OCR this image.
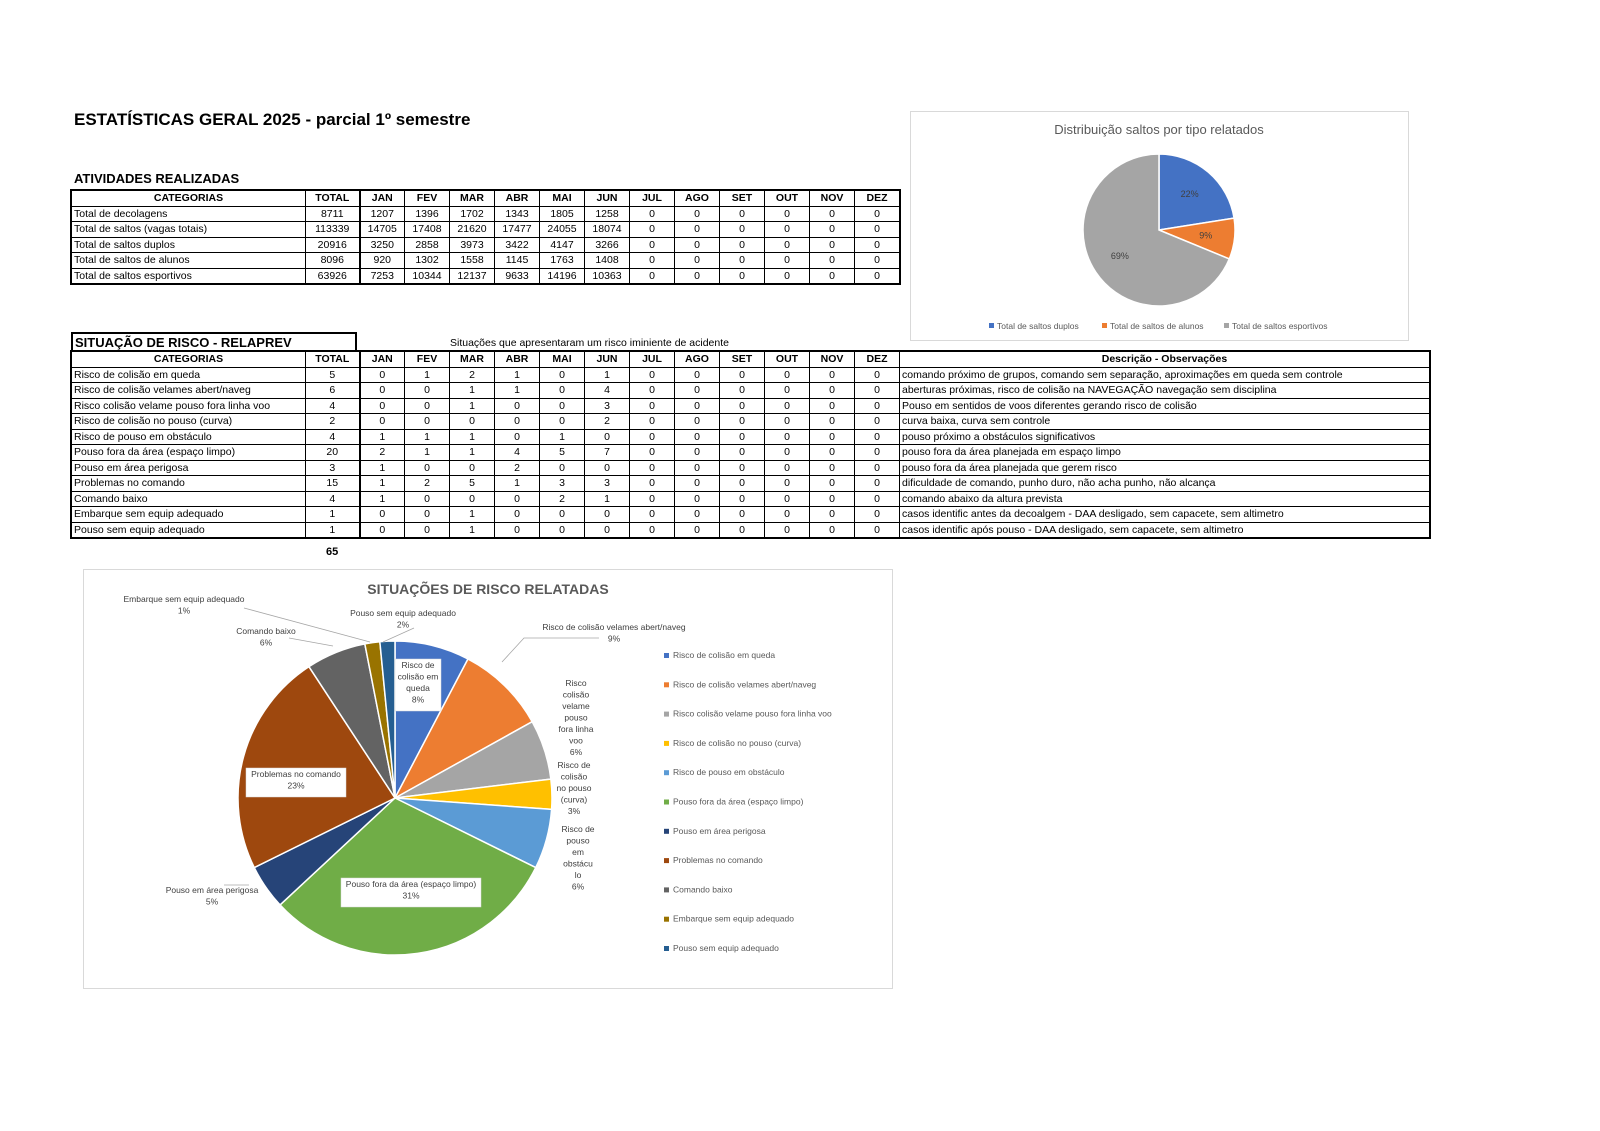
ESTATÍSTICAS GERAL 2025 - parcial 1º semestre
ATIVIDADES REALIZADAS
CATEGORIAS	TOTAL	JAN	FEV	MAR	ABR	MAI	JUN	JUL	AGO	SET	OUT	NOV	DEZ
Total de decolagens	8711	1207	1396	1702	1343	1805	1258	0	0	0	0	0	0
Total de saltos (vagas totais)	113339	14705	17408	21620	17477	24055	18074	0	0	0	0	0	0
Total de saltos duplos	20916	3250	2858	3973	3422	4147	3266	0	0	0	0	0	0
Total de saltos de alunos	8096	920	1302	1558	1145	1763	1408	0	0	0	0	0	0
Total de saltos esportivos	63926	7253	10344	12137	9633	14196	10363	0	0	0	0	0	0
SITUAÇÃO DE RISCO - RELAPREV	Situações que apresentaram um risco iminiente de acidente
CATEGORIAS	TOTAL	JAN	FEV	MAR	ABR	MAI	JUN	JUL	AGO	SET	OUT	NOV	DEZ	Descrição - Observações
Risco de colisão em queda	5	0	1	2	1	0	1	0	0	0	0	0	0	comando próximo de grupos, comando sem separação, aproximações em queda sem controle
Risco de colisão velames abert/naveg	6	0	0	1	1	0	4	0	0	0	0	0	0	aberturas próximas, risco de colisão na NAVEGAÇÃO navegação sem disciplina
Risco colisão velame pouso fora linha voo	4	0	0	1	0	0	3	0	0	0	0	0	0	Pouso em sentidos de voos diferentes gerando risco de colisão
Risco de colisão no pouso (curva)	2	0	0	0	0	0	2	0	0	0	0	0	0	curva baixa, curva sem controle
Risco de pouso em obstáculo	4	1	1	1	0	1	0	0	0	0	0	0	0	pouso próximo a obstáculos significativos
Pouso fora da área (espaço limpo)	20	2	1	1	4	5	7	0	0	0	0	0	0	pouso fora da área planejada em espaço limpo
Pouso em área perigosa	3	1	0	0	2	0	0	0	0	0	0	0	0	pouso fora da área planejada que gerem risco
Problemas no comando	15	1	2	5	1	3	3	0	0	0	0	0	0	dificuldade de comando, punho duro, não acha punho, não alcança
Comando baixo	4	1	0	0	0	2	1	0	0	0	0	0	0	comando abaixo da altura prevista
Embarque sem equip adequado	1	0	0	1	0	0	0	0	0	0	0	0	0	casos identific antes da decoalgem - DAA desligado, sem capacete, sem altimetro
Pouso sem equip adequado	1	0	0	1	0	0	0	0	0	0	0	0	0	casos identific após pouso - DAA desligado, sem capacete, sem altimetro
65
Distribuição saltos por tipo relatados
22%
9%
69%
Total de saltos duplos	Total de saltos de alunos	Total de saltos esportivos
SITUAÇÕES DE RISCO RELATADAS
Risco de
colisão em
queda
8%
Risco de colisão velames abert/naveg
9%
Risco
colisão
velame
pouso
fora linha
voo
6%
Risco de
colisão
no pouso
(curva)
3%
Risco de
pouso
em
obstácu
lo
6%
Pouso fora da área (espaço limpo)
31%
Pouso em área perigosa
5%
Problemas no comando
23%
Comando baixo
6%
Embarque sem equip adequado
1%	Pouso sem equip adequado
2%
Risco de colisão em queda
Risco de colisão velames abert/naveg
Risco colisão velame pouso fora linha voo
Risco de colisão no pouso (curva)
Risco de pouso em obstáculo
Pouso fora da área (espaço limpo)
Pouso em área perigosa
Problemas no comando
Comando baixo
Embarque sem equip adequado
Pouso sem equip adequado
